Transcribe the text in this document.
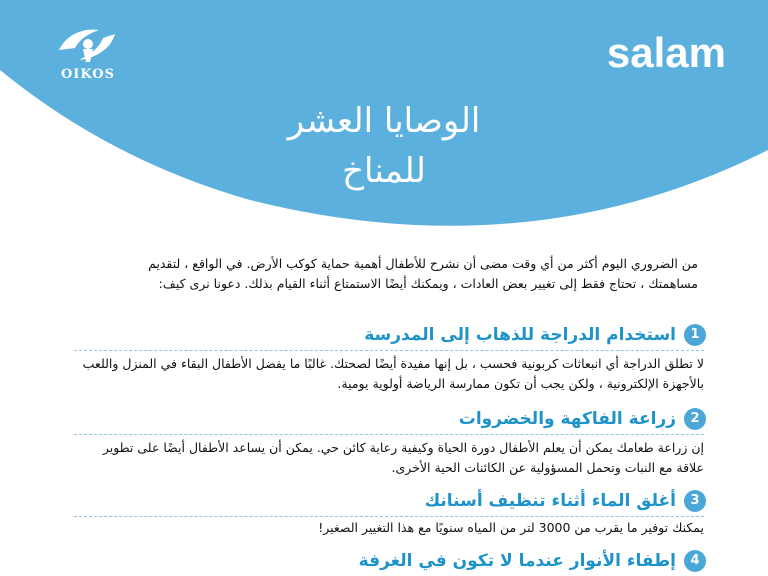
OIKOS	salam
الوصايا العشر
للمناخ
من الضروري اليوم أكثر من أي وقت مضى أن نشرح للأطفال أهمية حماية كوكب الأرض. في الواقع ، لتقديم مساهمتك ، تحتاج فقط إلى تغيير بعض العادات ، ويمكنك أيضًا الاستمتاع أثناء القيام بذلك. دعونا نرى كيف:
1
استخدام الدراجة للذهاب إلى المدرسة
لا تطلق الدراجة أي انبعاثات كربونية فحسب ، بل إنها مفيدة أيضًا لصحتك. غالبًا ما يفضل الأطفال البقاء في المنزل واللعب بالأجهزة الإلكترونية ، ولكن يجب أن تكون ممارسة الرياضة أولوية يومية.
2
زراعة الفاكهة والخضروات
إن زراعة طعامك يمكن أن يعلم الأطفال دورة الحياة وكيفية رعاية كائن حي. يمكن أن يساعد الأطفال أيضًا على تطوير علاقة مع النبات وتحمل المسؤولية عن الكائنات الحية الأخرى.
3
أغلق الماء أثناء تنظيف أسنانك
يمكنك توفير ما يقرب من 3000 لتر من المياه سنويًا مع هذا التغيير الصغير!
4
إطفاء الأنوار عندما لا تكون في الغرفة
